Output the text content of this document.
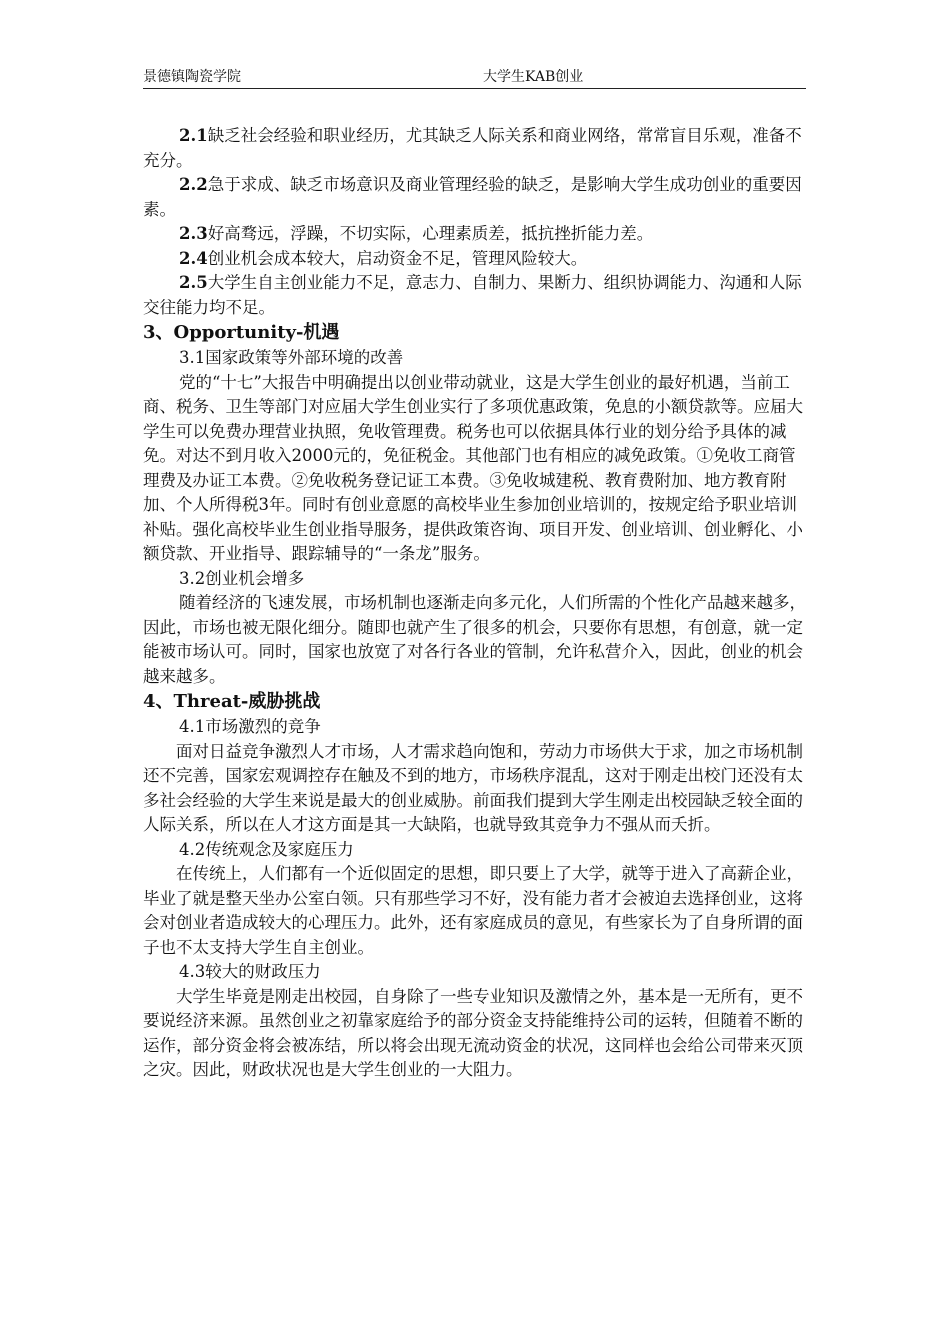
景德镇陶瓷学院	大学生KAB创业

2.1缺乏社会经验和职业经历，尤其缺乏人际关系和商业网络，常常盲目乐观，准备不充分。

2.2急于求成、缺乏市场意识及商业管理经验的缺乏，是影响大学生成功创业的重要因素。

2.3好高骛远，浮躁，不切实际，心理素质差，抵抗挫折能力差。

2.4创业机会成本较大，启动资金不足，管理风险较大。

2.5大学生自主创业能力不足，意志力、自制力、果断力、组织协调能力、沟通和人际交往能力均不足。

3、Opportunity-机遇

3.1国家政策等外部环境的改善

党的“十七”大报告中明确提出以创业带动就业，这是大学生创业的最好机遇，当前工商、税务、卫生等部门对应届大学生创业实行了多项优惠政策，免息的小额贷款等。应届大学生可以免费办理营业执照，免收管理费。税务也可以依据具体行业的划分给予具体的减免。对达不到月收入2000元的，免征税金。其他部门也有相应的减免政策。①免收工商管理费及办证工本费。②免收税务登记证工本费。③免收城建税、教育费附加、地方教育附加、个人所得税3年。同时有创业意愿的高校毕业生参加创业培训的，按规定给予职业培训补贴。强化高校毕业生创业指导服务，提供政策咨询、项目开发、创业培训、创业孵化、小额贷款、开业指导、跟踪辅导的“一条龙”服务。

3.2创业机会增多

随着经济的飞速发展，市场机制也逐渐走向多元化，人们所需的个性化产品越来越多，因此，市场也被无限化细分。随即也就产生了很多的机会，只要你有思想，有创意，就一定能被市场认可。同时，国家也放宽了对各行各业的管制，允许私营介入，因此，创业的机会越来越多。

4、Threat-威胁挑战

4.1市场激烈的竞争

面对日益竞争激烈人才市场，人才需求趋向饱和，劳动力市场供大于求，加之市场机制还不完善，国家宏观调控存在触及不到的地方，市场秩序混乱，这对于刚走出校门还没有太多社会经验的大学生来说是最大的创业威胁。前面我们提到大学生刚走出校园缺乏较全面的人际关系，所以在人才这方面是其一大缺陷，也就导致其竞争力不强从而夭折。

4.2传统观念及家庭压力

在传统上，人们都有一个近似固定的思想，即只要上了大学，就等于进入了高薪企业，毕业了就是整天坐办公室白领。只有那些学习不好，没有能力者才会被迫去选择创业，这将会对创业者造成较大的心理压力。此外，还有家庭成员的意见，有些家长为了自身所谓的面子也不太支持大学生自主创业。

4.3较大的财政压力

大学生毕竟是刚走出校园，自身除了一些专业知识及激情之外，基本是一无所有，更不要说经济来源。虽然创业之初靠家庭给予的部分资金支持能维持公司的运转，但随着不断的运作，部分资金将会被冻结，所以将会出现无流动资金的状况，这同样也会给公司带来灭顶之灾。因此，财政状况也是大学生创业的一大阻力。
